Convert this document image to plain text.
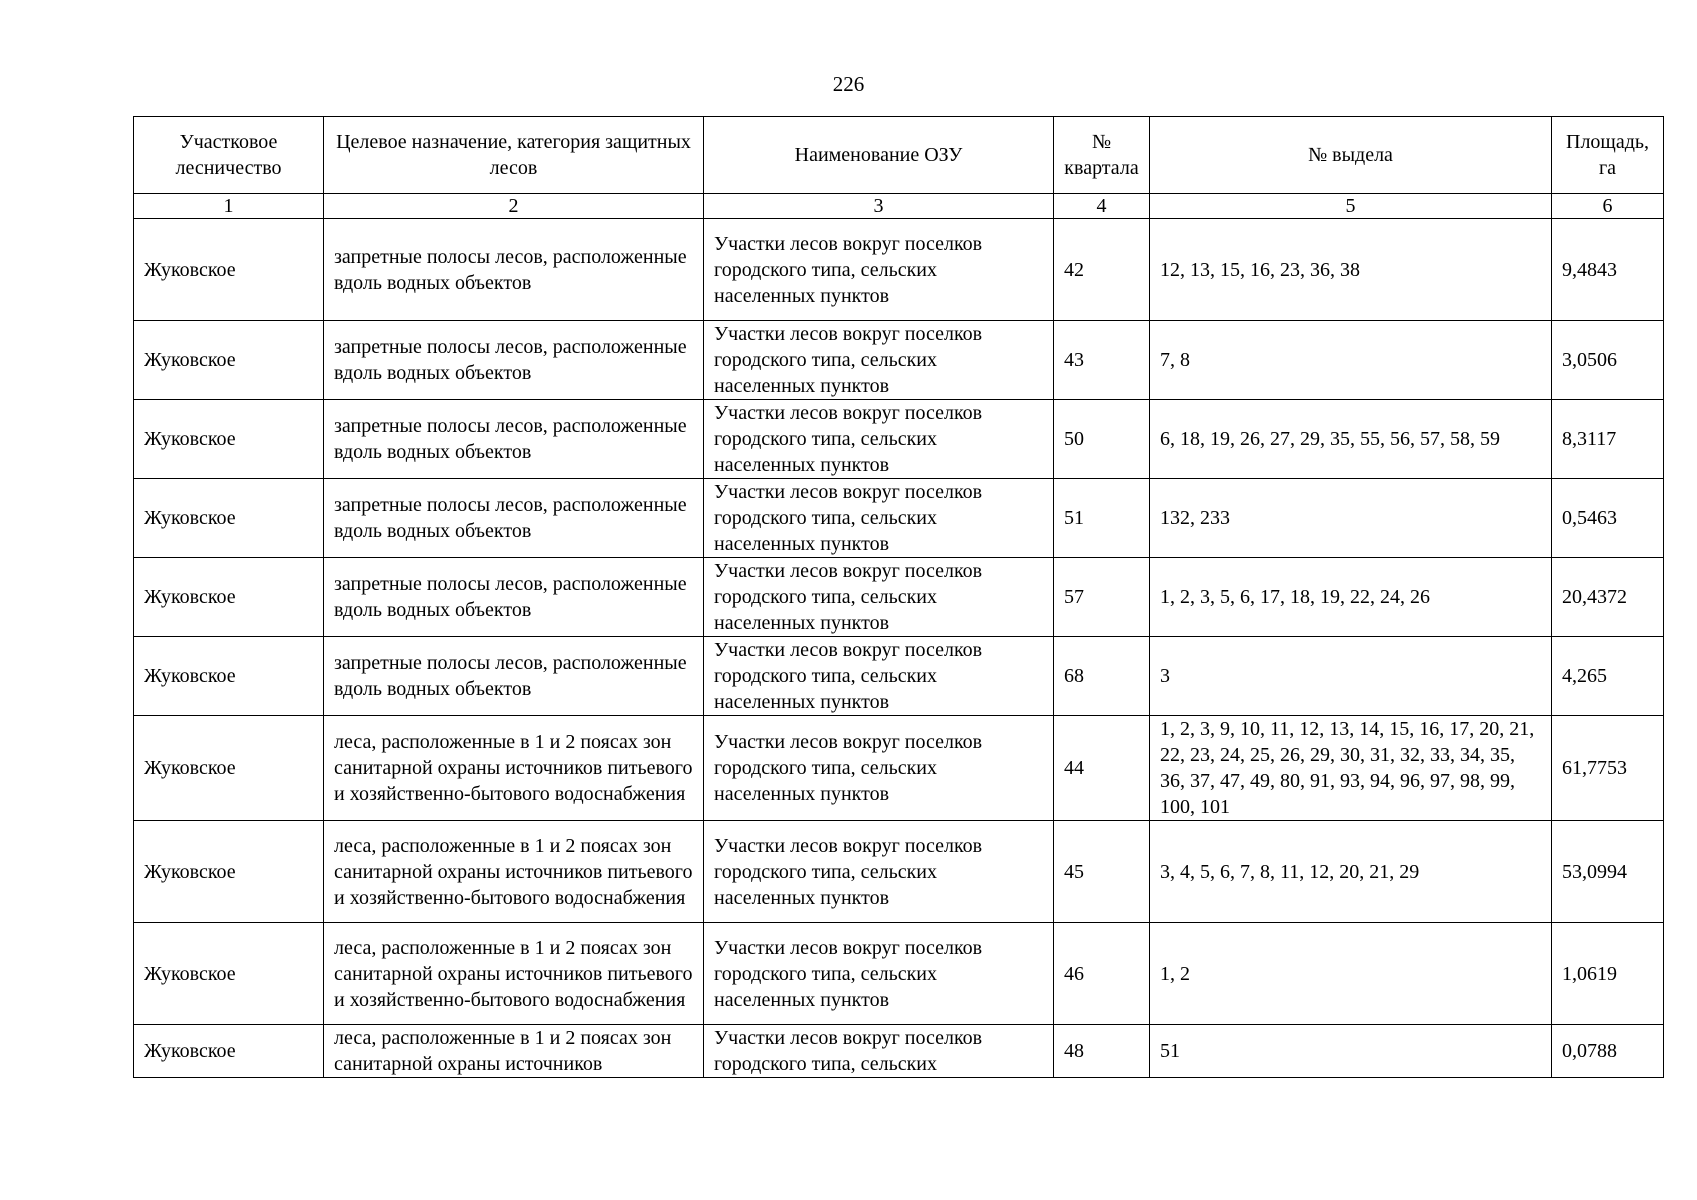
226
Участковое лесничество	Целевое назначение, категория защитных лесов	Наименование ОЗУ	№ квартала	№ выдела	Площадь, га
1	2	3	4	5	6
Жуковское	запретные полосы лесов, расположенные вдоль водных объектов	Участки лесов вокруг поселков городского типа, сельских населенных пунктов	42	12, 13, 15, 16, 23, 36, 38	9,4843
Жуковское	запретные полосы лесов, расположенные вдоль водных объектов	Участки лесов вокруг поселков городского типа, сельских населенных пунктов	43	7, 8	3,0506
Жуковское	запретные полосы лесов, расположенные вдоль водных объектов	Участки лесов вокруг поселков городского типа, сельских населенных пунктов	50	6, 18, 19, 26, 27, 29, 35, 55, 56, 57, 58, 59	8,3117
Жуковское	запретные полосы лесов, расположенные вдоль водных объектов	Участки лесов вокруг поселков городского типа, сельских населенных пунктов	51	132, 233	0,5463
Жуковское	запретные полосы лесов, расположенные вдоль водных объектов	Участки лесов вокруг поселков городского типа, сельских населенных пунктов	57	1, 2, 3, 5, 6, 17, 18, 19, 22, 24, 26	20,4372
Жуковское	запретные полосы лесов, расположенные вдоль водных объектов	Участки лесов вокруг поселков городского типа, сельских населенных пунктов	68	3	4,265
Жуковское	леса, расположенные в 1 и 2 поясах зон санитарной охраны источников питьевого и хозяйственно-бытового водоснабжения	Участки лесов вокруг поселков городского типа, сельских населенных пунктов	44	1, 2, 3, 9, 10, 11, 12, 13, 14, 15, 16, 17, 20, 21, 22, 23, 24, 25, 26, 29, 30, 31, 32, 33, 34, 35, 36, 37, 47, 49, 80, 91, 93, 94, 96, 97, 98, 99, 100, 101	61,7753
Жуковское	леса, расположенные в 1 и 2 поясах зон санитарной охраны источников питьевого и хозяйственно-бытового водоснабжения	Участки лесов вокруг поселков городского типа, сельских населенных пунктов	45	3, 4, 5, 6, 7, 8, 11, 12, 20, 21, 29	53,0994
Жуковское	леса, расположенные в 1 и 2 поясах зон санитарной охраны источников питьевого и хозяйственно-бытового водоснабжения	Участки лесов вокруг поселков городского типа, сельских населенных пунктов	46	1, 2	1,0619
Жуковское	леса, расположенные в 1 и 2 поясах зон санитарной охраны источников	Участки лесов вокруг поселков городского типа, сельских	48	51	0,0788
